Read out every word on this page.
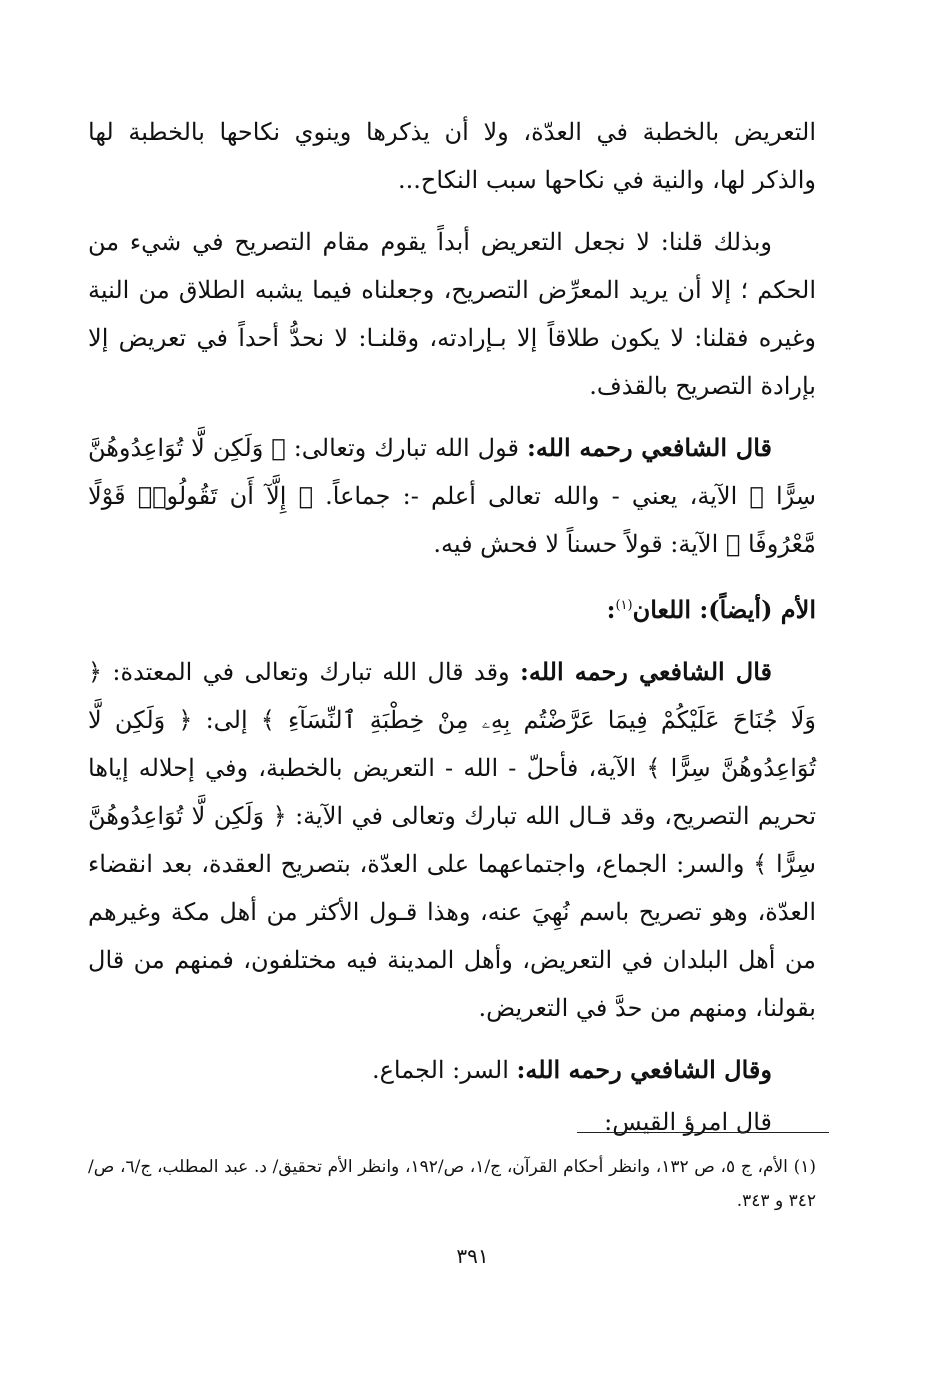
التعريض بالخطبة في العدّة، ولا أن يذكرها وينوي نكاحها بالخطبة لها والذكر لها، والنية في نكاحها سبب النكاح...

وبذلك قلنا: لا نجعل التعريض أبداً يقوم مقام التصريح في شيء من الحكم ؛ إلا أن يريد المعرِّض التصريح، وجعلناه فيما يشبه الطلاق من النية وغيره فقلنا: لا يكون طلاقاً إلا بـإرادته، وقلنـا: لا نحدُّ أحداً في تعريض إلا بإرادة التصريح بالقذف.

قال الشافعي رحمه الله: قول الله تبارك وتعالى: ﴿ وَلَكِن لَّا تُوَاعِدُوهُنَّ سِرًّا ﴾ الآية، يعني - والله تعالى أعلم -: جماعاً. ﴿ إِلَّآ أَن تَقُولُوا۟ قَوْلًا مَّعْرُوفًا ﴾ الآية: قولاً حسناً لا فحش فيه.

الأم (أيضاً): اللعان$^{(١)}$:

قال الشافعي رحمه الله: وقد قال الله تبارك وتعالى في المعتدة: ﴿ وَلَا جُنَاحَ عَلَيْكُمْ فِيمَا عَرَّضْتُم بِهِۦ مِنْ خِطْبَةِ ٱلنِّسَآءِ ﴾ إلى: ﴿ وَلَكِن لَّا تُوَاعِدُوهُنَّ سِرًّا ﴾ الآية، فأحلّ - الله - التعريض بالخطبة، وفي إحلاله إياها تحريم التصريح، وقد قـال الله تبارك وتعالى في الآية: ﴿ وَلَكِن لَّا تُوَاعِدُوهُنَّ سِرًّا ﴾ والسر: الجماع، واجتماعهما على العدّة، بتصريح العقدة، بعد انقضاء العدّة، وهو تصريح باسم نُهِيَ عنه، وهذا قـول الأكثر من أهل مكة وغيرهم من أهل البلدان في التعريض، وأهل المدينة فيه مختلفون، فمنهم من قال بقولنا، ومنهم من حدَّ في التعريض.

وقال الشافعي رحمه الله: السر: الجماع.

قال امرؤ القيس:

(١) الأم، ج ٥، ص ١٣٢، وانظر أحكام القرآن، ج/١، ص/١٩٢، وانظر الأم تحقيق/ د. عبد المطلب، ج/٦، ص/ ٣٤٢ و ٣٤٣.
٣٩١
